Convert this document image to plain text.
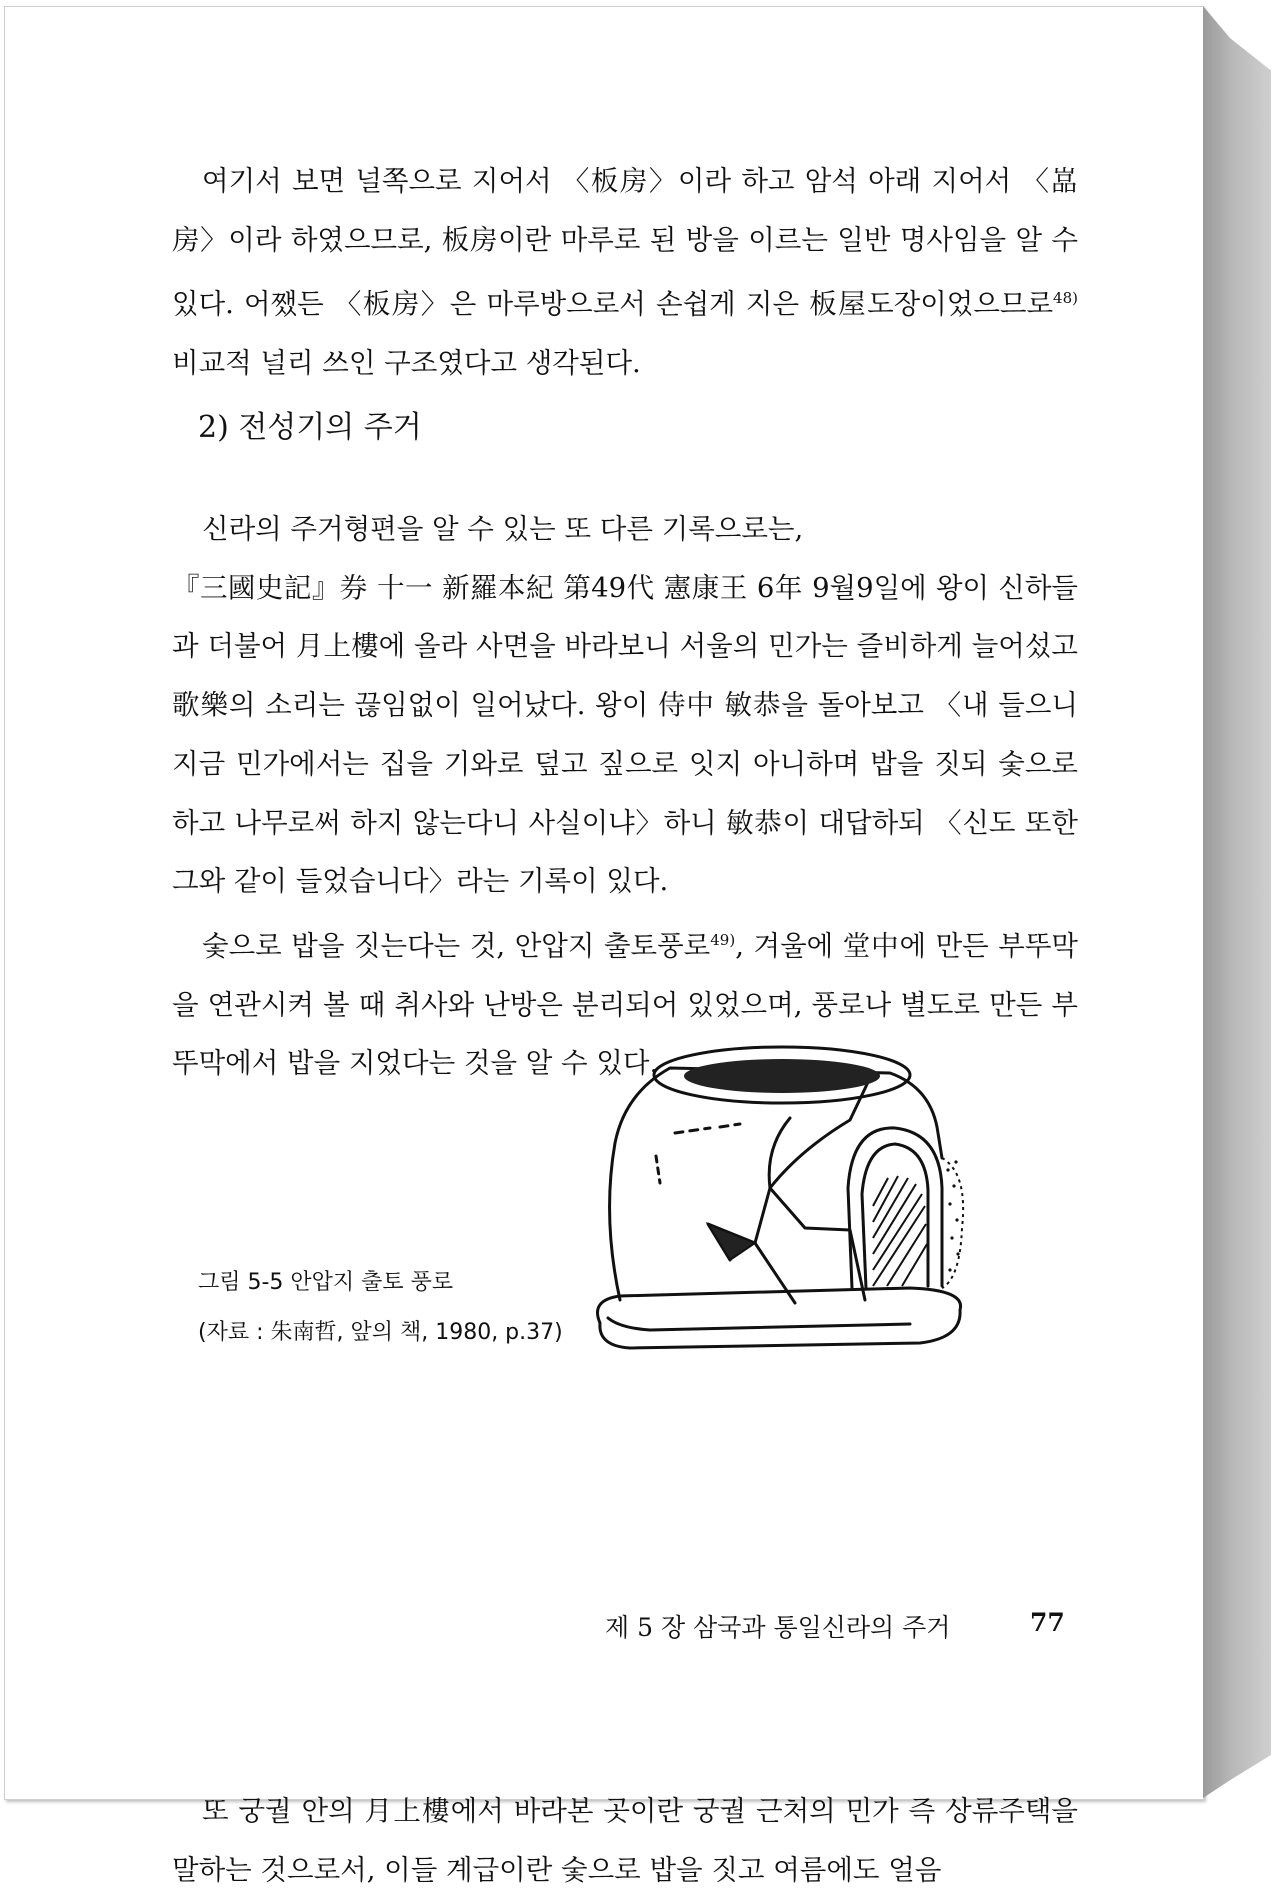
여기서 보면 널쪽으로 지어서 〈板房〉이라 하고 암석 아래 지어서 〈嵓房〉이라 하였으므로, 板房이란 마루로 된 방을 이르는 일반 명사임을 알 수 있다. 어쨌든 〈板房〉은 마루방으로서 손쉽게 지은 板屋도장이었으므로$^{48)}$ 비교적 널리 쓰인 구조였다고 생각된다.

2) 전성기의 주거

신라의 주거형편을 알 수 있는 또 다른 기록으로는,

『三國史記』券 十一 新羅本紀 第49代 憲康王 6年 9월9일에 왕이 신하들과 더불어 月上樓에 올라 사면을 바라보니 서울의 민가는 즐비하게 늘어섰고 歌樂의 소리는 끊임없이 일어났다. 왕이 侍中 敏恭을 돌아보고 〈내 들으니 지금 민가에서는 집을 기와로 덮고 짚으로 잇지 아니하며 밥을 짓되 숯으로 하고 나무로써 하지 않는다니 사실이냐〉하니 敏恭이 대답하되 〈신도 또한 그와 같이 들었습니다〉라는 기록이 있다.

숯으로 밥을 짓는다는 것, 안압지 출토풍로$^{49)}$, 겨울에 堂中에 만든 부뚜막을 연관시켜 볼 때 취사와 난방은 분리되어 있었으며, 풍로나 별도로 만든 부뚜막에서 밥을 지었다는 것을 알 수 있다.

그림 5-5 안압지 출토 풍로
(자료 : 朱南哲, 앞의 책, 1980, p.37)

또 궁궐 안의 月上樓에서 바라본 곳이란 궁궐 근처의 민가 즉 상류주택을 말하는 것으로서, 이들 계급이란 숯으로 밥을 짓고 여름에도 얼음

제 5 장 삼국과 통일신라의 주거	77
